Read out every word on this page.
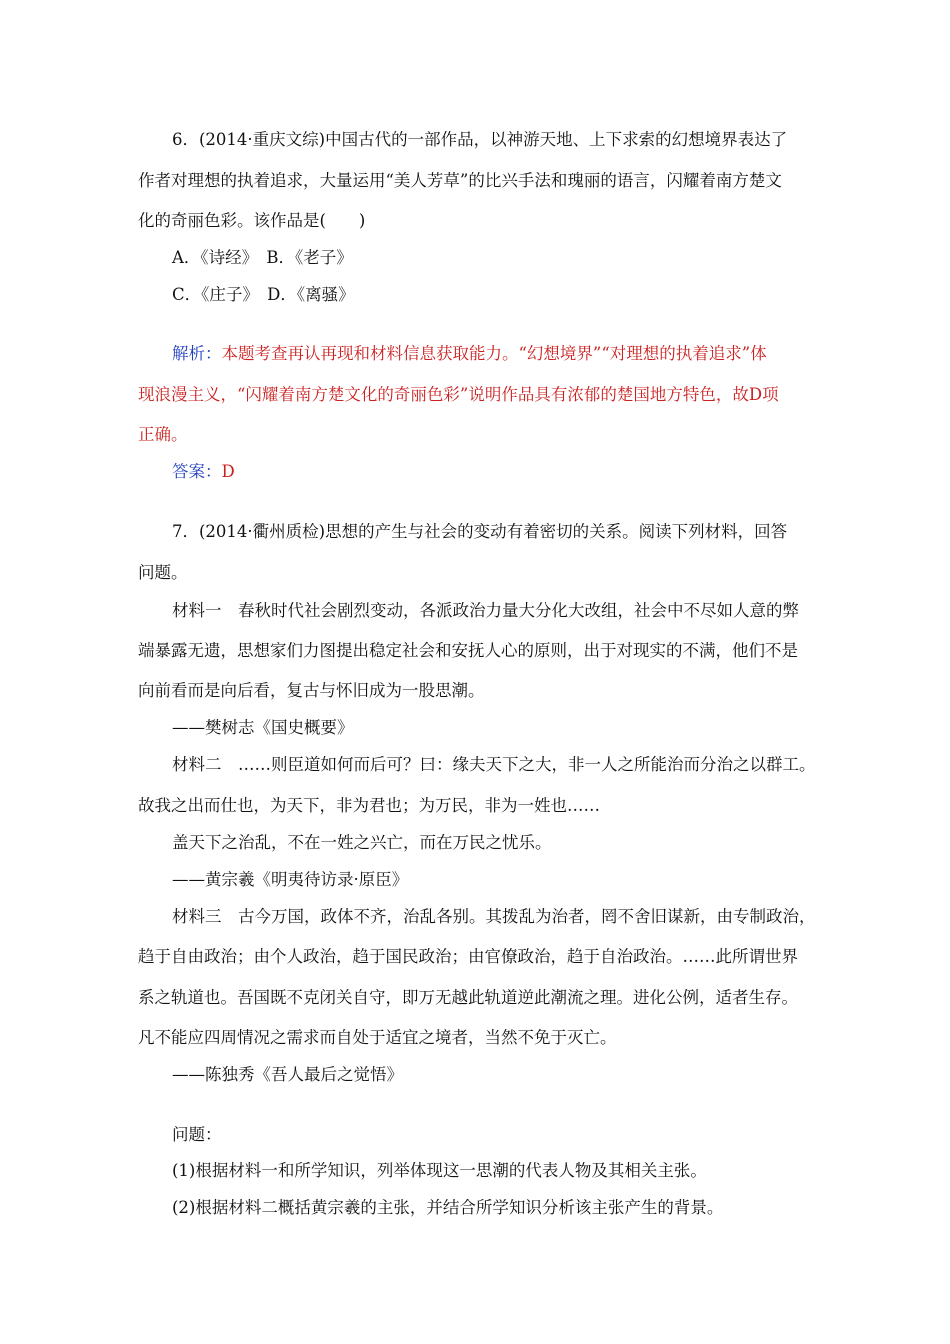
6．(2014·重庆文综)中国古代的一部作品，以神游天地、上下求索的幻想境界表达了
作者对理想的执着追求，大量运用“美人芳草”的比兴手法和瑰丽的语言，闪耀着南方楚文
化的奇丽色彩。该作品是(　　)
A．《诗经》　B．《老子》
C．《庄子》　D．《离骚》
解析：本题考查再认再现和材料信息获取能力。“幻想境界”“对理想的执着追求”体
现浪漫主义，“闪耀着南方楚文化的奇丽色彩”说明作品具有浓郁的楚国地方特色，故D项
正确。
答案：D
7．(2014·衢州质检)思想的产生与社会的变动有着密切的关系。阅读下列材料，回答
问题。
材料一　春秋时代社会剧烈变动，各派政治力量大分化大改组，社会中不尽如人意的弊
端暴露无遗，思想家们力图提出稳定社会和安抚人心的原则，出于对现实的不满，他们不是
向前看而是向后看，复古与怀旧成为一股思潮。
——樊树志《国史概要》
材料二　……则臣道如何而后可？曰：缘夫天下之大，非一人之所能治而分治之以群工。
故我之出而仕也，为天下，非为君也；为万民，非为一姓也……
盖天下之治乱，不在一姓之兴亡，而在万民之忧乐。
——黄宗羲《明夷待访录·原臣》
材料三　古今万国，政体不齐，治乱各别。其拨乱为治者，罔不舍旧谋新，由专制政治，
趋于自由政治；由个人政治，趋于国民政治；由官僚政治，趋于自治政治。……此所谓世界
系之轨道也。吾国既不克闭关自守，即万无越此轨道逆此潮流之理。进化公例，适者生存。
凡不能应四周情况之需求而自处于适宜之境者，当然不免于灭亡。
——陈独秀《吾人最后之觉悟》
问题：
(1)根据材料一和所学知识，列举体现这一思潮的代表人物及其相关主张。
(2)根据材料二概括黄宗羲的主张，并结合所学知识分析该主张产生的背景。
